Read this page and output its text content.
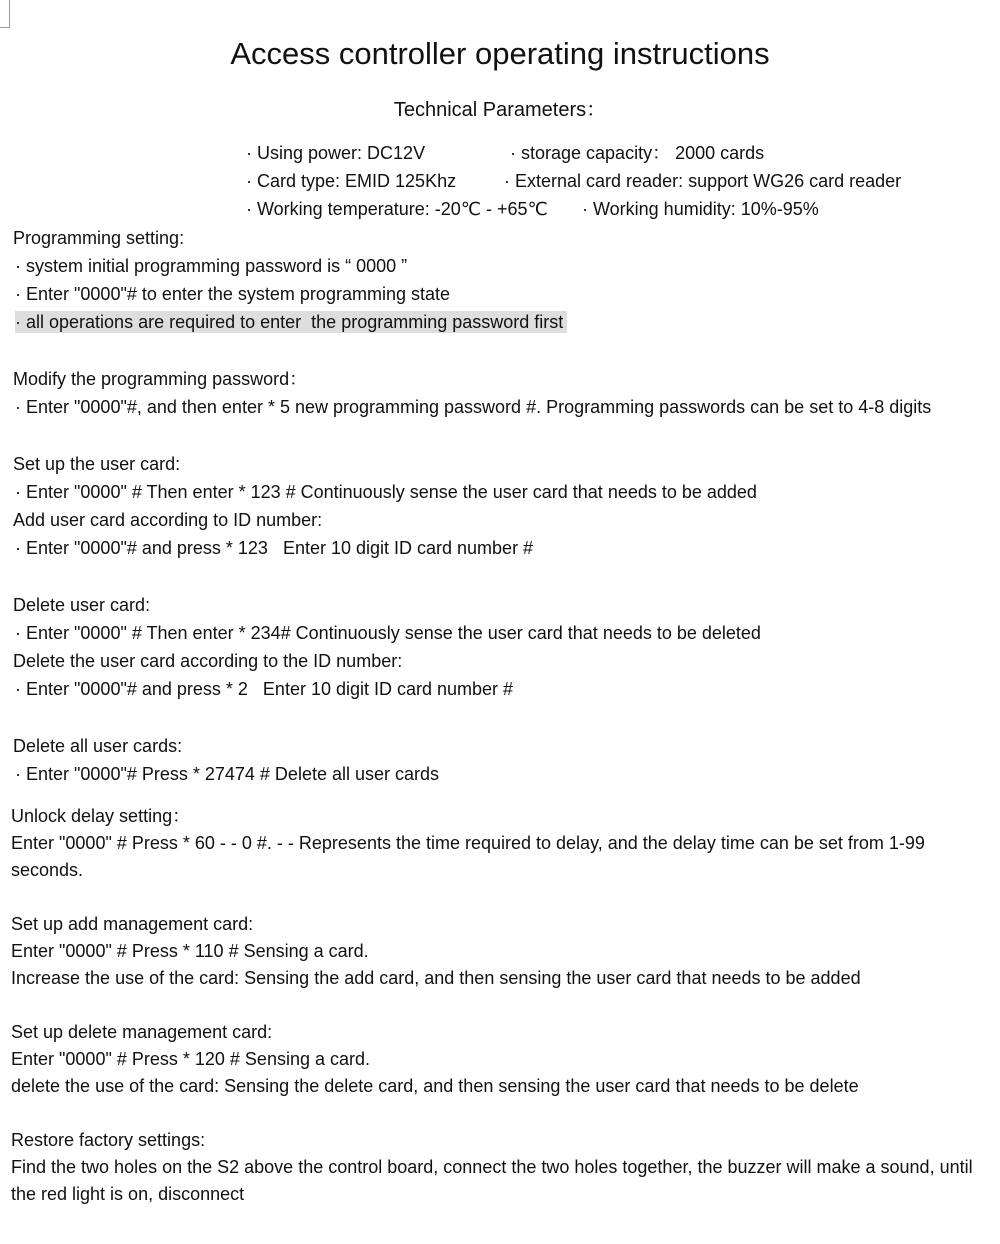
Access controller operating instructions
Technical Parameters：
· Using power: DC12V	· storage capacity： 2000 cards
· Card type: EMID 125Khz	· External card reader: support WG26 card reader
· Working temperature: -20℃ - +65℃ · Working humidity: 10%-95%
Programming setting:
· system initial programming password is “ 0000 ”
· Enter "0000"# to enter the system programming state
· all operations are required to enter  the programming password first
Modify the programming password：
· Enter "0000"#, and then enter * 5 new programming password #. Programming passwords can be set to 4-8 digits
Set up the user card:
· Enter "0000" # Then enter * 123 # Continuously sense the user card that needs to be added
Add user card according to ID number:
· Enter "0000"# and press * 123   Enter 10 digit ID card number #
Delete user card:
· Enter "0000" # Then enter * 234# Continuously sense the user card that needs to be deleted
Delete the user card according to the ID number:
· Enter "0000"# and press * 2   Enter 10 digit ID card number #
Delete all user cards:
· Enter "0000"# Press * 27474 # Delete all user cards
Unlock delay setting：
Enter "0000" # Press * 60 - - 0 #. - - Represents the time required to delay, and the delay time can be set from 1-99
seconds.
Set up add management card:
Enter "0000" # Press * 110 # Sensing a card.
Increase the use of the card: Sensing the add card, and then sensing the user card that needs to be added
Set up delete management card:
Enter "0000" # Press * 120 # Sensing a card.
delete the use of the card: Sensing the delete card, and then sensing the user card that needs to be delete
Restore factory settings:
Find the two holes on the S2 above the control board, connect the two holes together, the buzzer will make a sound, until
the red light is on, disconnect
